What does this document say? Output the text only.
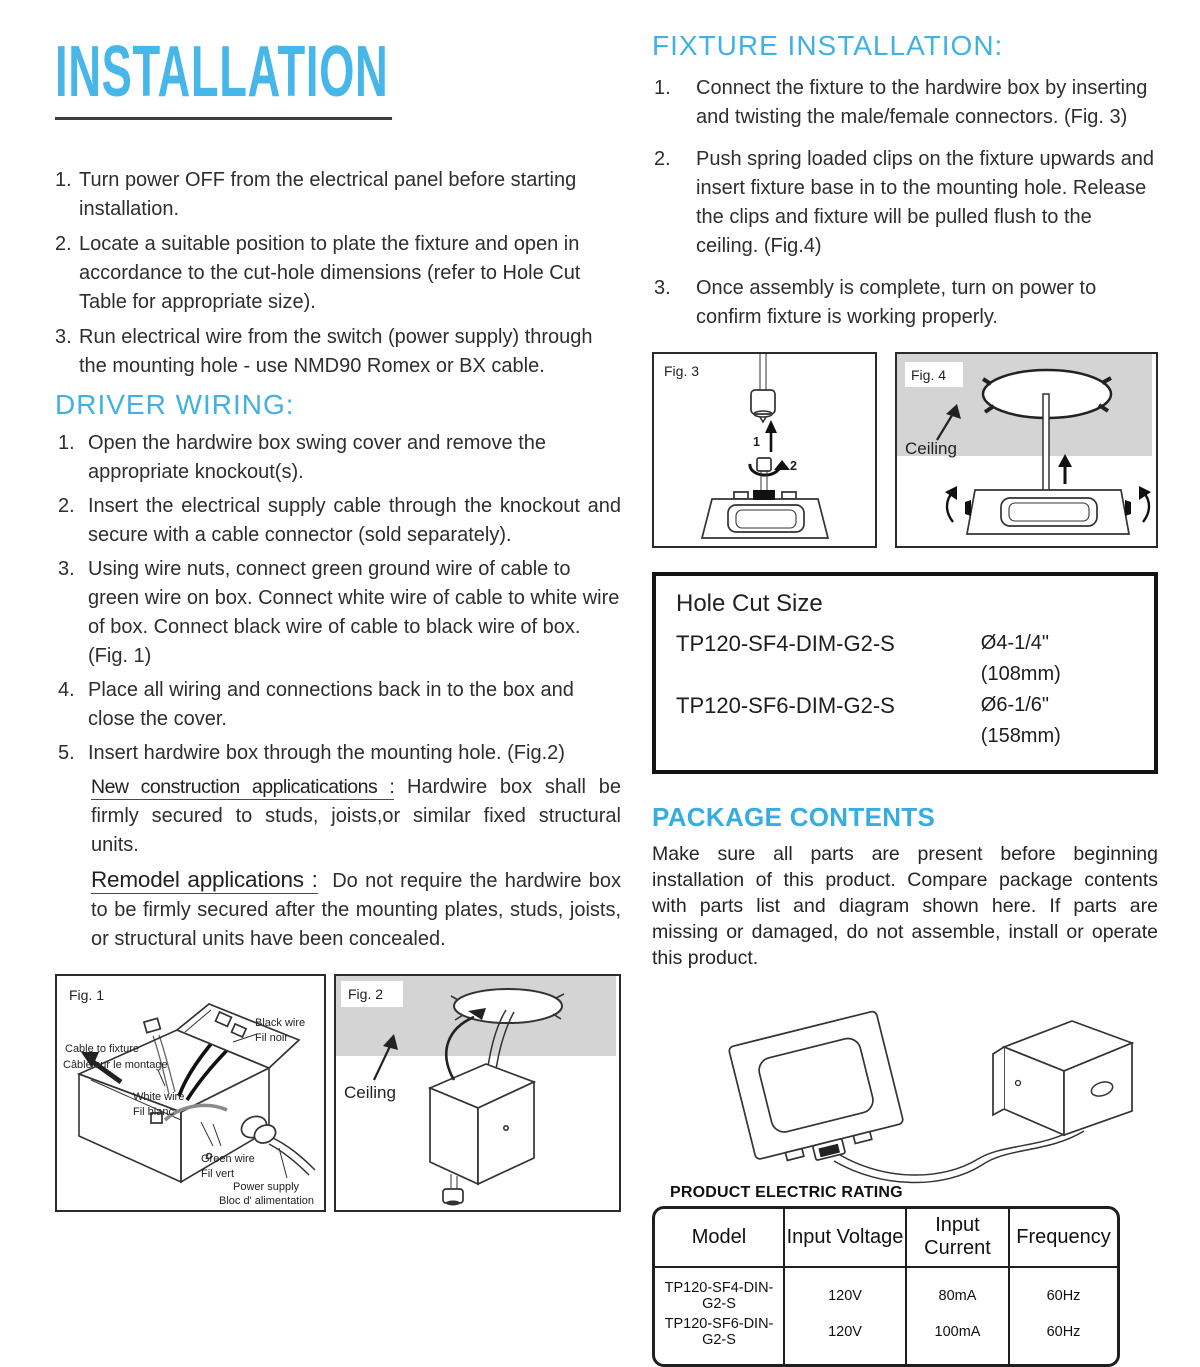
INSTALLATION
1. Turn power OFF from the electrical panel before starting installation.
2. Locate a suitable position to plate the fixture and open in accordance to the cut-hole dimensions (refer to Hole Cut Table for appropriate size).
3. Run electrical wire from the switch (power supply) through the mounting hole - use NMD90 Romex or BX cable.
DRIVER WIRING:
1. Open the hardwire box swing cover and remove the appropriate knockout(s).
2. Insert the electrical supply cable through the knockout and secure with a cable connector (sold separately).
3. Using wire nuts, connect green ground wire of cable to green wire on box. Connect white wire of cable to white wire of box. Connect black wire of cable to black wire of box. (Fig. 1)
4. Place all wiring and connections back in to the box and close the cover.
5. Insert hardwire box through the mounting hole. (Fig.2)

New construction applicatications : Hardwire box shall be firmly secured to studs, joists,or similar fixed structural units.

Remodel applications : Do not require the hardwire box to be firmly secured after the mounting plates, studs, joists, or structural units have been concealed.

Fig. 1
Cable to fixture
Câble sur le montage
Black wire
Fil noir
White wire
Fil blanc
Green wire
Fil vert
Power supply
Bloc d' alimentation
Fig. 2
Ceiling
FIXTURE INSTALLATION:
1.	Connect the fixture to the hardwire box by inserting and twisting the male/female connectors. (Fig. 3)
2.	Push spring loaded clips on the fixture upwards and insert fixture base in to the mounting hole. Release the clips and fixture will be pulled flush to the ceiling. (Fig.4)
3.	Once assembly is complete, turn on power to confirm fixture is working properly.
Fig. 3
1
2
Fig. 4
Ceiling
Hole Cut Size
TP120-SF4-DIM-G2-S	Ø4-1/4" (108mm)
TP120-SF6-DIM-G2-S	Ø6-1/6" (158mm)
PACKAGE CONTENTS

Make sure all parts are present before beginning installation of this product. Compare package contents with parts list and diagram shown here. If parts are missing or damaged, do not assemble, install or operate this product.

PRODUCT ELECTRIC RATING
Model	Input Voltage	Input Current	Frequency
TP120-SF4-DIN-G2-S	120V	80mA	60Hz
TP120-SF6-DIN-G2-S	120V	100mA	60Hz
